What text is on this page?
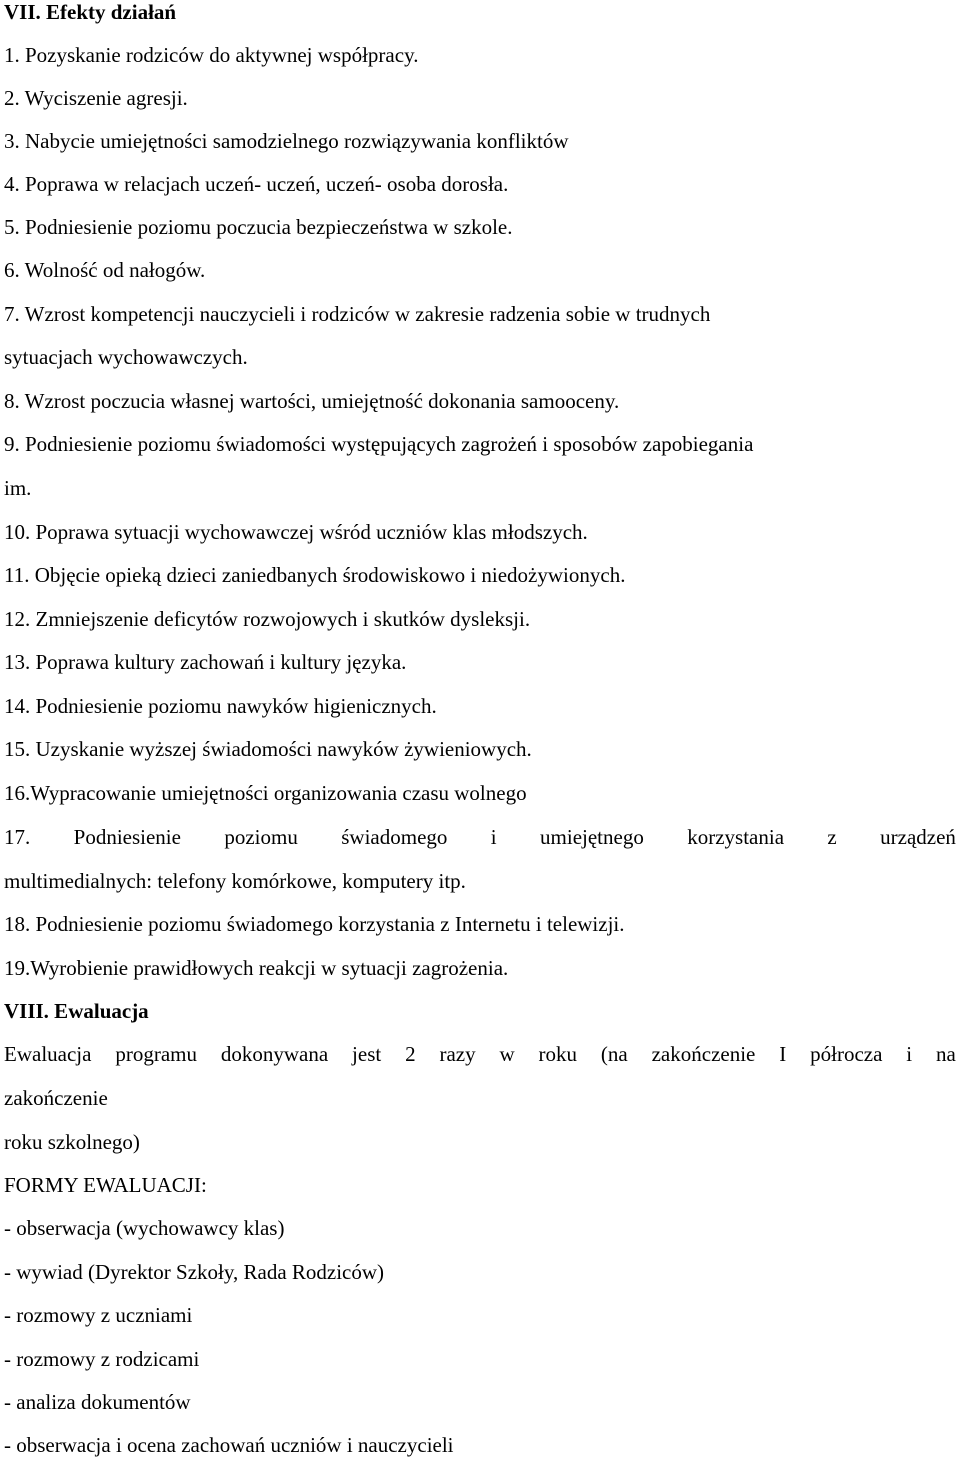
VII. Efekty działań
1. Pozyskanie rodziców do aktywnej współpracy.
2. Wyciszenie agresji.
3. Nabycie umiejętności samodzielnego rozwiązywania konfliktów
4. Poprawa w relacjach uczeń- uczeń, uczeń- osoba dorosła.
5. Podniesienie poziomu poczucia bezpieczeństwa w szkole.
6. Wolność od nałogów.
7. Wzrost kompetencji nauczycieli i rodziców w zakresie radzenia sobie w trudnych
sytuacjach wychowawczych.
8. Wzrost poczucia własnej wartości, umiejętność dokonania samooceny.
9. Podniesienie poziomu świadomości występujących zagrożeń i sposobów zapobiegania
im.
10. Poprawa sytuacji wychowawczej wśród uczniów klas młodszych.
11. Objęcie opieką dzieci zaniedbanych środowiskowo i niedożywionych.
12. Zmniejszenie deficytów rozwojowych i skutków dysleksji.
13. Poprawa kultury zachowań i kultury języka.
14. Podniesienie poziomu nawyków higienicznych.
15. Uzyskanie wyższej świadomości nawyków żywieniowych.
16.Wypracowanie umiejętności organizowania czasu wolnego
17. Podniesienie poziomu świadomego i umiejętnego korzystania z urządzeń
multimedialnych: telefony komórkowe, komputery itp.
18. Podniesienie poziomu świadomego korzystania z Internetu i telewizji.
19.Wyrobienie prawidłowych reakcji w sytuacji zagrożenia.
VIII. Ewaluacja
Ewaluacja programu dokonywana jest 2 razy w roku (na zakończenie I półrocza i na
zakończenie
roku szkolnego)
FORMY EWALUACJI:
- obserwacja (wychowawcy klas)
- wywiad (Dyrektor Szkoły, Rada Rodziców)
- rozmowy z uczniami
- rozmowy z rodzicami
- analiza dokumentów
- obserwacja i ocena zachowań uczniów i nauczycieli
